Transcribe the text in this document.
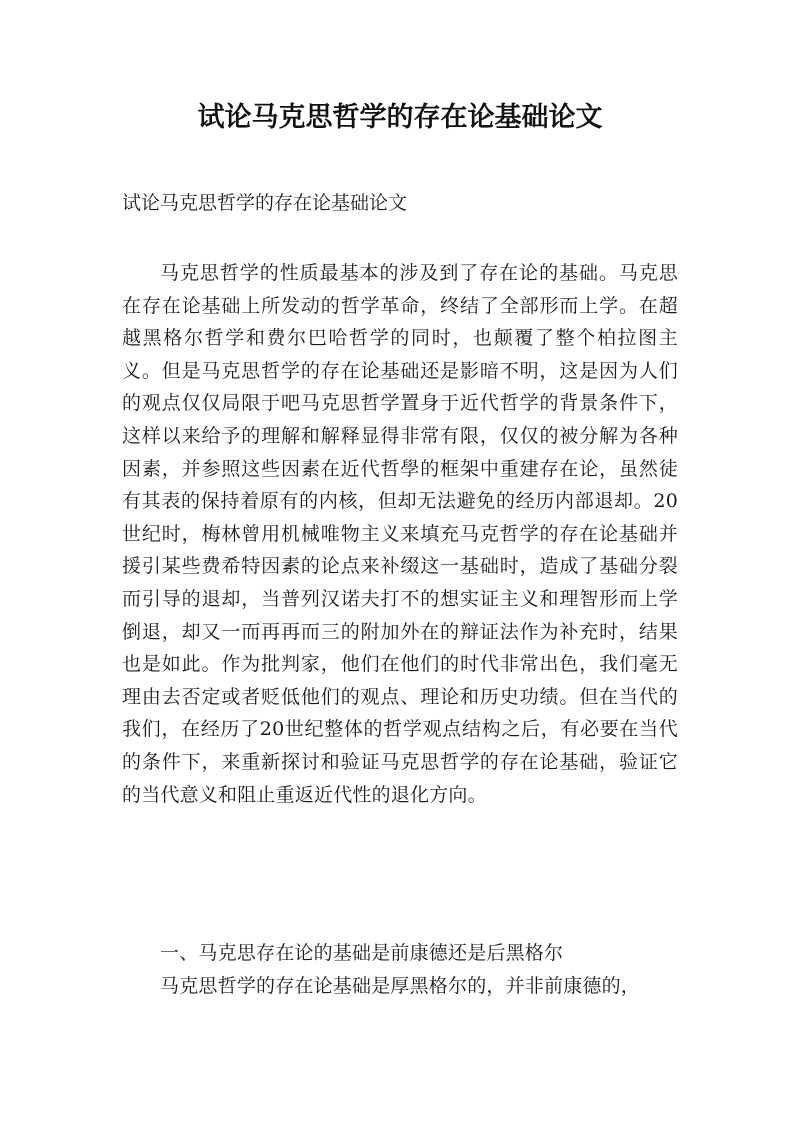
试论马克思哲学的存在论基础论文

试论马克思哲学的存在论基础论文

马克思哲学的性质最基本的涉及到了存在论的基础。马克思在存在论基础上所发动的哲学革命，终结了全部形而上学。在超越黑格尔哲学和费尔巴哈哲学的同时，也颠覆了整个柏拉图主义。但是马克思哲学的存在论基础还是影暗不明，这是因为人们的观点仅仅局限于吧马克思哲学置身于近代哲学的背景条件下，这样以来给予的理解和解释显得非常有限，仅仅的被分解为各种因素，并参照这些因素在近代哲學的框架中重建存在论，虽然徒有其表的保持着原有的内核，但却无法避免的经历内部退却。20世纪时，梅林曾用机械唯物主义来填充马克哲学的存在论基础并援引某些费希特因素的论点来补缀这一基础时，造成了基础分裂而引导的退却，当普列汉诺夫打不的想实证主义和理智形而上学倒退，却又一而再再而三的附加外在的辩证法作为补充时，结果也是如此。作为批判家，他们在他们的时代非常出色，我们毫无理由去否定或者贬低他们的观点、理论和历史功绩。但在当代的我们，在经历了20世纪整体的哲学观点结构之后，有必要在当代的条件下，来重新探讨和验证马克思哲学的存在论基础，验证它的当代意义和阻止重返近代性的退化方向。

一、马克思存在论的基础是前康德还是后黑格尔

马克思哲学的存在论基础是厚黑格尔的，并非前康德的，
